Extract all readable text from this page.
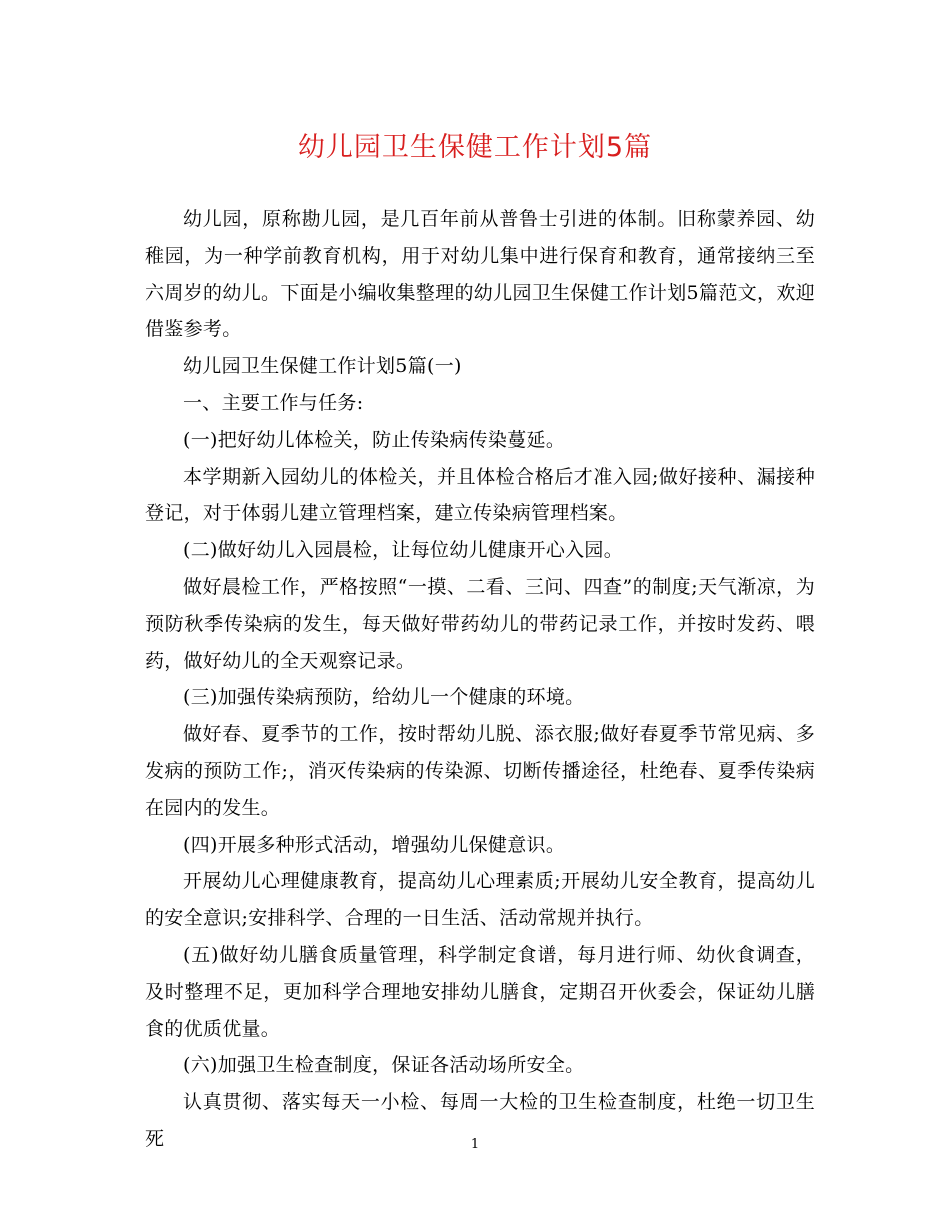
幼儿园卫生保健工作计划5篇

幼儿园，原称勘儿园，是几百年前从普鲁士引进的体制。旧称蒙养园、幼稚园，为一种学前教育机构，用于对幼儿集中进行保育和教育，通常接纳三至六周岁的幼儿。下面是小编收集整理的幼儿园卫生保健工作计划5篇范文，欢迎借鉴参考。

幼儿园卫生保健工作计划5篇(一)

一、主要工作与任务:

(一)把好幼儿体检关，防止传染病传染蔓延。

本学期新入园幼儿的体检关，并且体检合格后才准入园;做好接种、漏接种登记，对于体弱儿建立管理档案，建立传染病管理档案。

(二)做好幼儿入园晨检，让每位幼儿健康开心入园。

做好晨检工作，严格按照“一摸、二看、三问、四查”的制度;天气渐凉，为预防秋季传染病的发生，每天做好带药幼儿的带药记录工作，并按时发药、喂药，做好幼儿的全天观察记录。

(三)加强传染病预防，给幼儿一个健康的环境。

做好春、夏季节的工作，按时帮幼儿脱、添衣服;做好春夏季节常见病、多发病的预防工作;，消灭传染病的传染源、切断传播途径，杜绝春、夏季传染病在园内的发生。

(四)开展多种形式活动，增强幼儿保健意识。

开展幼儿心理健康教育，提高幼儿心理素质;开展幼儿安全教育，提高幼儿的安全意识;安排科学、合理的一日生活、活动常规并执行。

(五)做好幼儿膳食质量管理，科学制定食谱，每月进行师、幼伙食调查，及时整理不足，更加科学合理地安排幼儿膳食，定期召开伙委会，保证幼儿膳食的优质优量。

(六)加强卫生检查制度，保证各活动场所安全。

认真贯彻、落实每天一小检、每周一大检的卫生检查制度，杜绝一切卫生死	1
